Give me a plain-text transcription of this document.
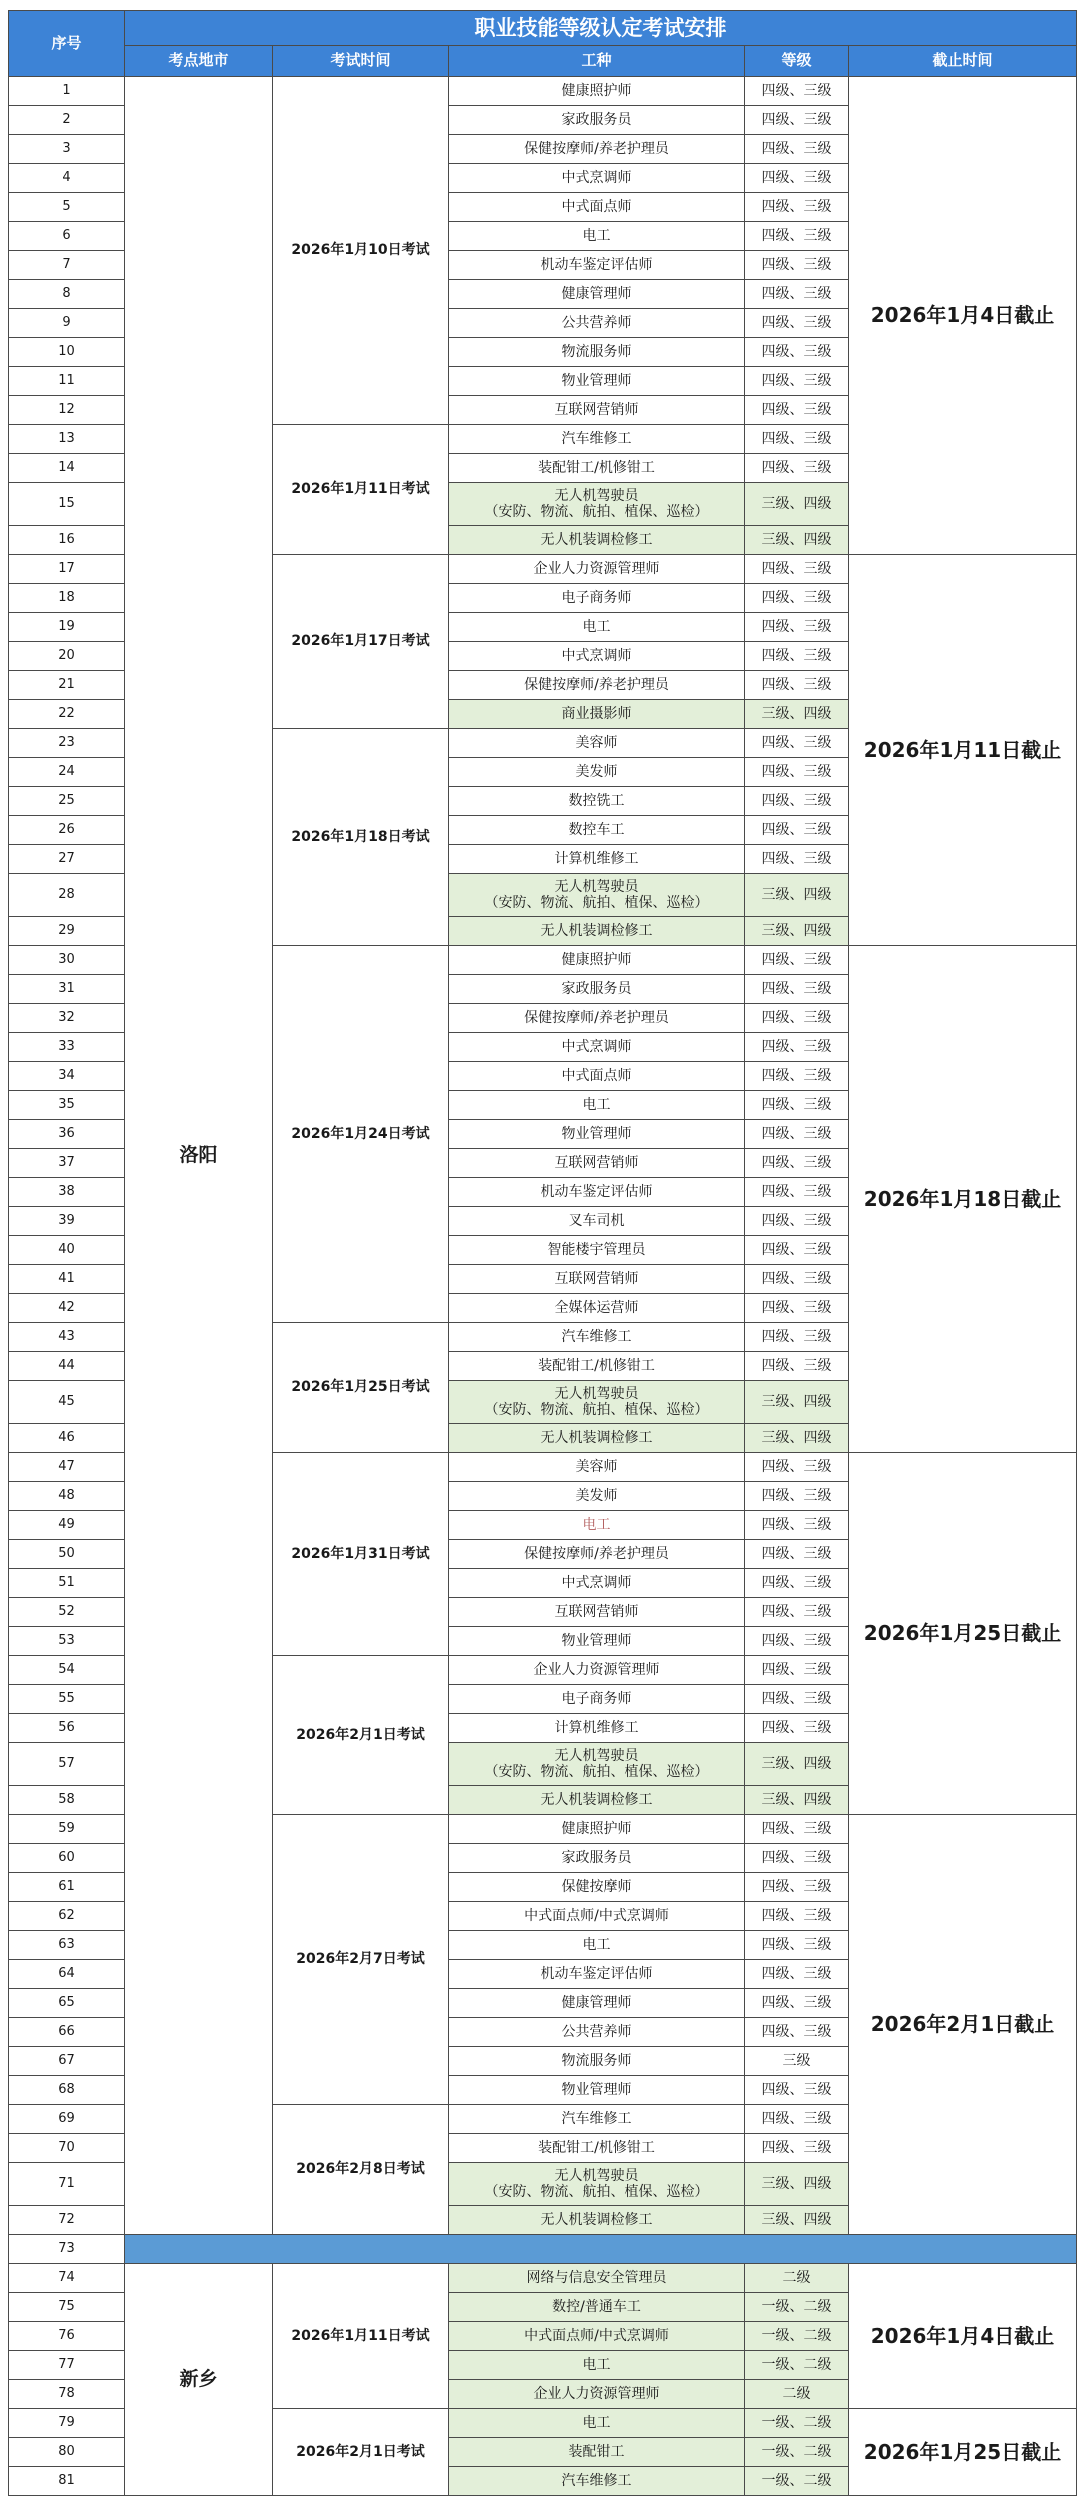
序号	职业技能等级认定考试安排				
	考点地市	考试时间	工种	等级	截止时间
1	洛阳	2026年1月10日考试	健康照护师	四级、三级	2026年1月4日截止
2			家政服务员	四级、三级	
3			保健按摩师/养老护理员	四级、三级	
4			中式烹调师	四级、三级	
5			中式面点师	四级、三级	
6			电工	四级、三级	
7			机动车鉴定评估师	四级、三级	
8			健康管理师	四级、三级	
9			公共营养师	四级、三级	
10			物流服务师	四级、三级	
11			物业管理师	四级、三级	
12			互联网营销师	四级、三级	
13		2026年1月11日考试	汽车维修工	四级、三级	
14			装配钳工/机修钳工	四级、三级	
15			无人机驾驶员
（安防、物流、航拍、植保、巡检）	三级、四级	
16			无人机装调检修工	三级、四级	
17		2026年1月17日考试	企业人力资源管理师	四级、三级	2026年1月11日截止
18			电子商务师	四级、三级	
19			电工	四级、三级	
20			中式烹调师	四级、三级	
21			保健按摩师/养老护理员	四级、三级	
22			商业摄影师	三级、四级	
23		2026年1月18日考试	美容师	四级、三级	
24			美发师	四级、三级	
25			数控铣工	四级、三级	
26			数控车工	四级、三级	
27			计算机维修工	四级、三级	
28			无人机驾驶员
（安防、物流、航拍、植保、巡检）	三级、四级	
29			无人机装调检修工	三级、四级	
30		2026年1月24日考试	健康照护师	四级、三级	2026年1月18日截止
31			家政服务员	四级、三级	
32			保健按摩师/养老护理员	四级、三级	
33			中式烹调师	四级、三级	
34			中式面点师	四级、三级	
35			电工	四级、三级	
36			物业管理师	四级、三级	
37			互联网营销师	四级、三级	
38			机动车鉴定评估师	四级、三级	
39			叉车司机	四级、三级	
40			智能楼宇管理员	四级、三级	
41			互联网营销师	四级、三级	
42			全媒体运营师	四级、三级	
43		2026年1月25日考试	汽车维修工	四级、三级	
44			装配钳工/机修钳工	四级、三级	
45			无人机驾驶员
（安防、物流、航拍、植保、巡检）	三级、四级	
46			无人机装调检修工	三级、四级	
47		2026年1月31日考试	美容师	四级、三级	2026年1月25日截止
48			美发师	四级、三级	
49			电工	四级、三级	
50			保健按摩师/养老护理员	四级、三级	
51			中式烹调师	四级、三级	
52			互联网营销师	四级、三级	
53			物业管理师	四级、三级	
54		2026年2月1日考试	企业人力资源管理师	四级、三级	
55			电子商务师	四级、三级	
56			计算机维修工	四级、三级	
57			无人机驾驶员
（安防、物流、航拍、植保、巡检）	三级、四级	
58			无人机装调检修工	三级、四级	
59		2026年2月7日考试	健康照护师	四级、三级	2026年2月1日截止
60			家政服务员	四级、三级	
61			保健按摩师	四级、三级	
62			中式面点师/中式烹调师	四级、三级	
63			电工	四级、三级	
64			机动车鉴定评估师	四级、三级	
65			健康管理师	四级、三级	
66			公共营养师	四级、三级	
67			物流服务师	三级	
68			物业管理师	四级、三级	
69		2026年2月8日考试	汽车维修工	四级、三级	
70			装配钳工/机修钳工	四级、三级	
71			无人机驾驶员
（安防、物流、航拍、植保、巡检）	三级、四级	
72			无人机装调检修工	三级、四级	
73					
74	新乡	2026年1月11日考试	网络与信息安全管理员	二级	2026年1月4日截止
75			数控/普通车工	一级、二级	
76			中式面点师/中式烹调师	一级、二级	
77			电工	一级、二级	
78			企业人力资源管理师	二级	
79		2026年2月1日考试	电工	一级、二级	2026年1月25日截止
80			装配钳工	一级、二级	
81			汽车维修工	一级、二级	
